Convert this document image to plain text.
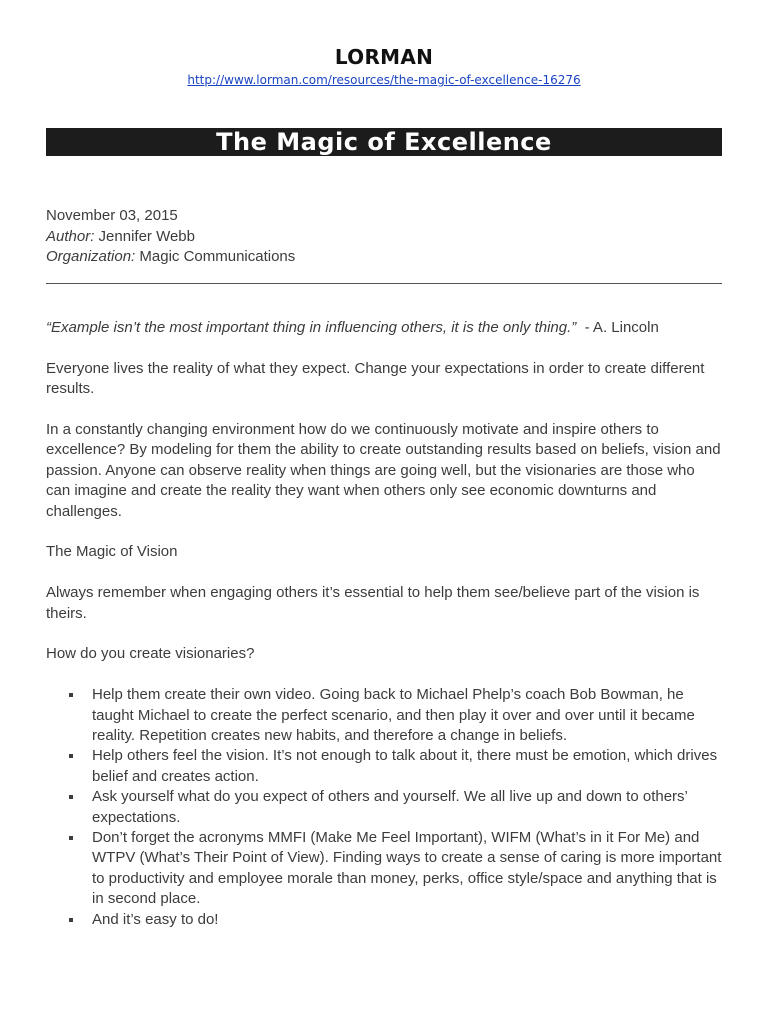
LORMAN
http://www.lorman.com/resources/the-magic-of-excellence-16276
The Magic of Excellence
November 03, 2015
Author: Jennifer Webb
Organization: Magic Communications

“Example isn’t the most important thing in influencing others, it is the only thing.”  - A. Lincoln

Everyone lives the reality of what they expect. Change your expectations in order to create different results.

In a constantly changing environment how do we continuously motivate and inspire others to excellence? By modeling for them the ability to create outstanding results based on beliefs, vision and passion. Anyone can observe reality when things are going well, but the visionaries are those who can imagine and create the reality they want when others only see economic downturns and challenges.

The Magic of Vision

Always remember when engaging others it’s essential to help them see/believe part of the vision is theirs.

How do you create visionaries?

Help them create their own video. Going back to Michael Phelp’s coach Bob Bowman, he taught Michael to create the perfect scenario, and then play it over and over until it became reality. Repetition creates new habits, and therefore a change in beliefs.
Help others feel the vision. It’s not enough to talk about it, there must be emotion, which drives belief and creates action.
Ask yourself what do you expect of others and yourself. We all live up and down to others’ expectations.
Don’t forget the acronyms MMFI (Make Me Feel Important), WIFM (What’s in it For Me) and WTPV (What’s Their Point of View). Finding ways to create a sense of caring is more important to productivity and employee morale than money, perks, office style/space and anything that is in second place.
And it’s easy to do!
